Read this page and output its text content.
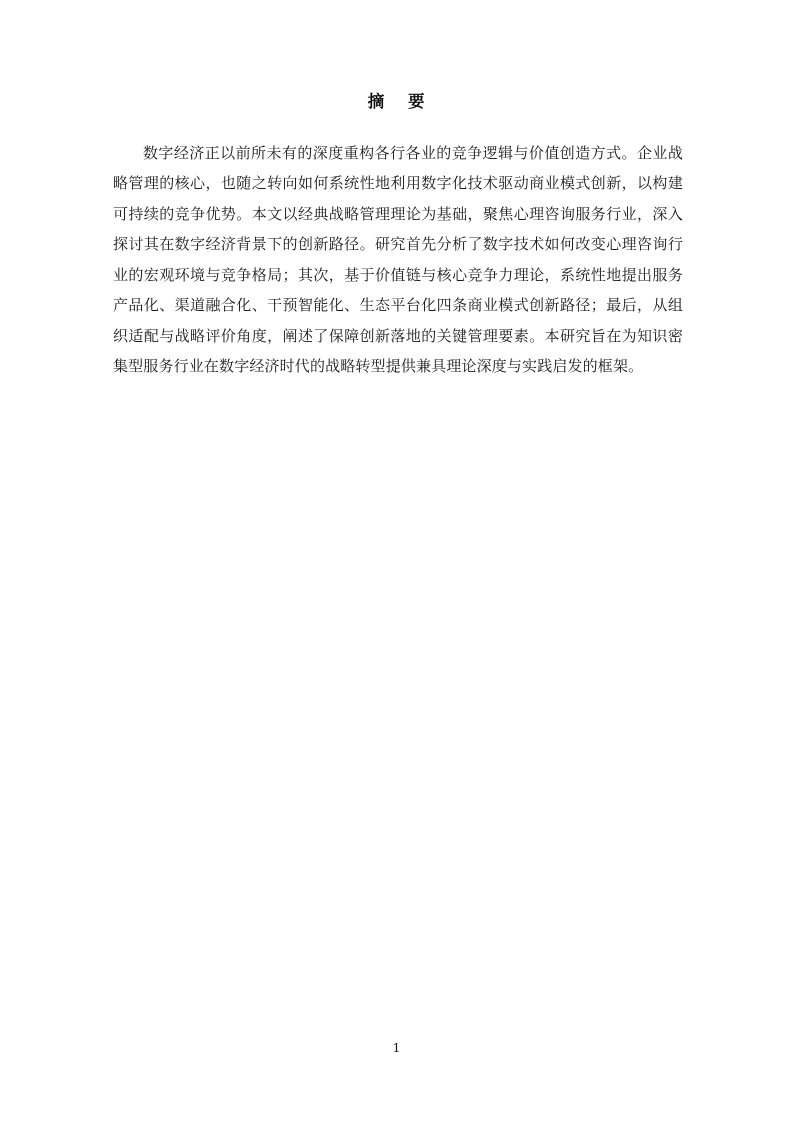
摘　要

数字经济正以前所未有的深度重构各行各业的竞争逻辑与价值创造方式。企业战略管理的核心，也随之转向如何系统性地利用数字化技术驱动商业模式创新，以构建可持续的竞争优势。本文以经典战略管理理论为基础，聚焦心理咨询服务行业，深入探讨其在数字经济背景下的创新路径。研究首先分析了数字技术如何改变心理咨询行业的宏观环境与竞争格局；其次，基于价值链与核心竞争力理论，系统性地提出服务产品化、渠道融合化、干预智能化、生态平台化四条商业模式创新路径；最后，从组织适配与战略评价角度，阐述了保障创新落地的关键管理要素。本研究旨在为知识密集型服务行业在数字经济时代的战略转型提供兼具理论深度与实践启发的框架。

1
